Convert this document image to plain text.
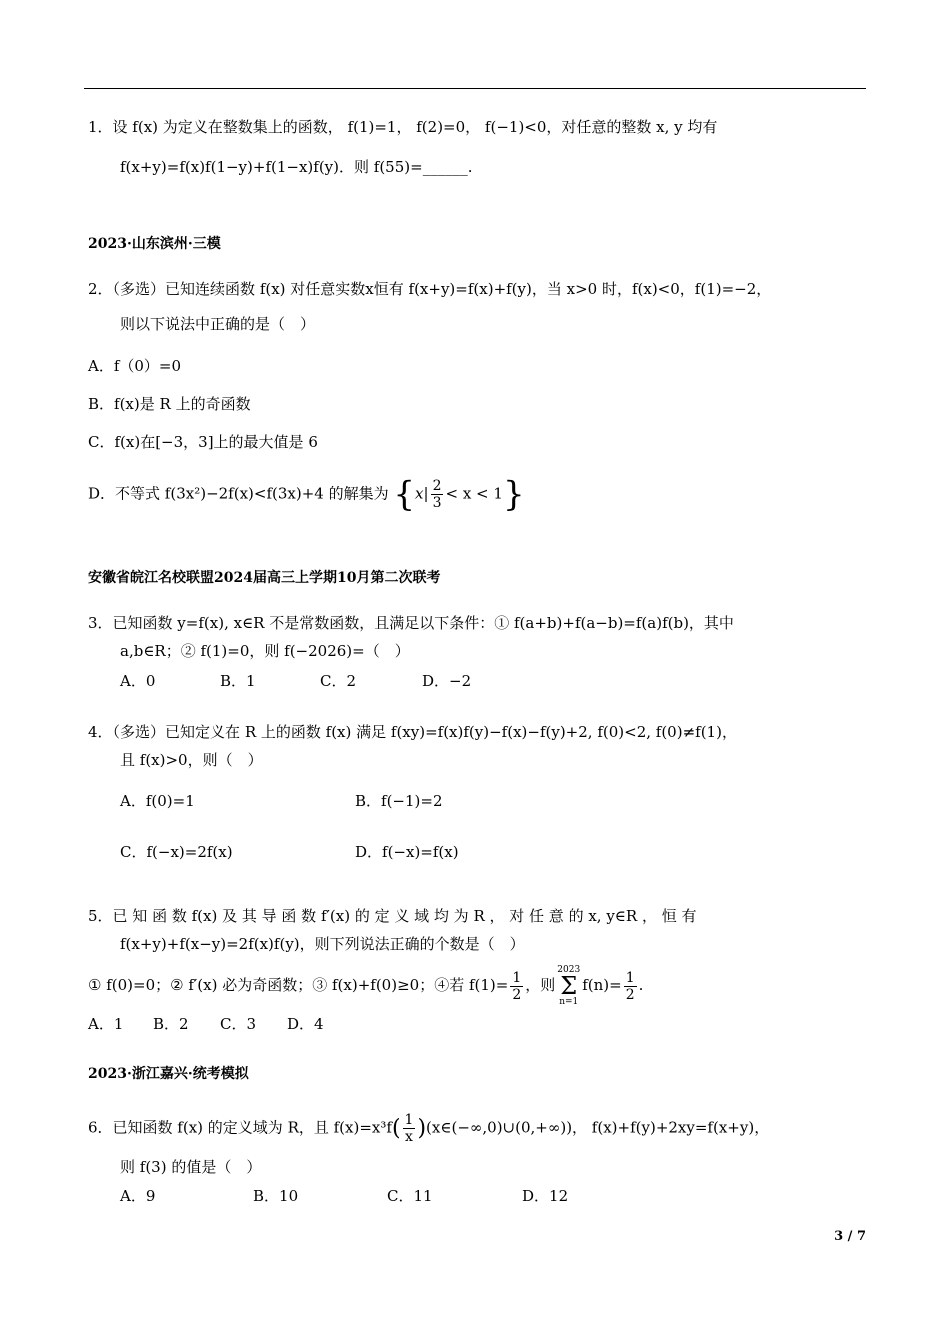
1．设 f(x) 为定义在整数集上的函数， f(1)=1， f(2)=0， f(−1)<0，对任意的整数 x, y 均有
f(x+y)=f(x)f(1−y)+f(1−x)f(y)．则 f(55)=______.
2023·山东滨州·三模
2．（多选）已知连续函数 f(x) 对任意实数x恒有 f(x+y)=f(x)+f(y)，当 x>0 时，f(x)<0，f(1)=−2，
则以下说法中正确的是（　）
A．f（0）=0
B．f(x)是 R 上的奇函数
C．f(x)在[−3，3]上的最大值是 6
D．不等式 f(3x²)−2f(x)<f(3x)+4 的解集为 $\{x| \frac{2}{3} < x < 1\}$
安徽省皖江名校联盟2024届高三上学期10月第二次联考
3．已知函数 y=f(x), x∈R 不是常数函数，且满足以下条件：① f(a+b)+f(a−b)=f(a)f(b)，其中
a,b∈R；② f(1)=0，则 f(−2026)=（　）
A．0	B．1	C．2	D．−2
4．（多选）已知定义在 R 上的函数 f(x) 满足 f(xy)=f(x)f(y)−f(x)−f(y)+2, f(0)<2, f(0)≠f(1)，
且 f(x)>0，则（　）
A．f(0)=1	B．f(−1)=2
C．f(−x)=2f(x)	D．f(−x)=f(x)
5．已 知 函 数 f(x) 及 其 导 函 数 f′(x) 的 定 义 域 均 为 R ， 对 任 意 的 x, y∈R ， 恒 有
f(x+y)+f(x−y)=2f(x)f(y)，则下列说法正确的个数是（　）
① f(0)=0；② f′(x) 必为奇函数；③ f(x)+f(0)≥0；④若 $f(1)= \frac{1}{2}$ ，则
2023
Σ
n=1
$f(n)= \frac{1}{2}$ .
A．1 B．2 C．3 D．4
2023·浙江嘉兴·统考模拟
6．已知函数 f(x) 的定义域为 R，且 $f(x)=x^3f( \frac{1}{x}$ )(x∈(−∞,0)∪(0,+∞))， f(x)+f(y)+2xy=f(x+y)，
则 f(3) 的值是（　）
A．9	B．10	C．11	D．12
3 / 7
